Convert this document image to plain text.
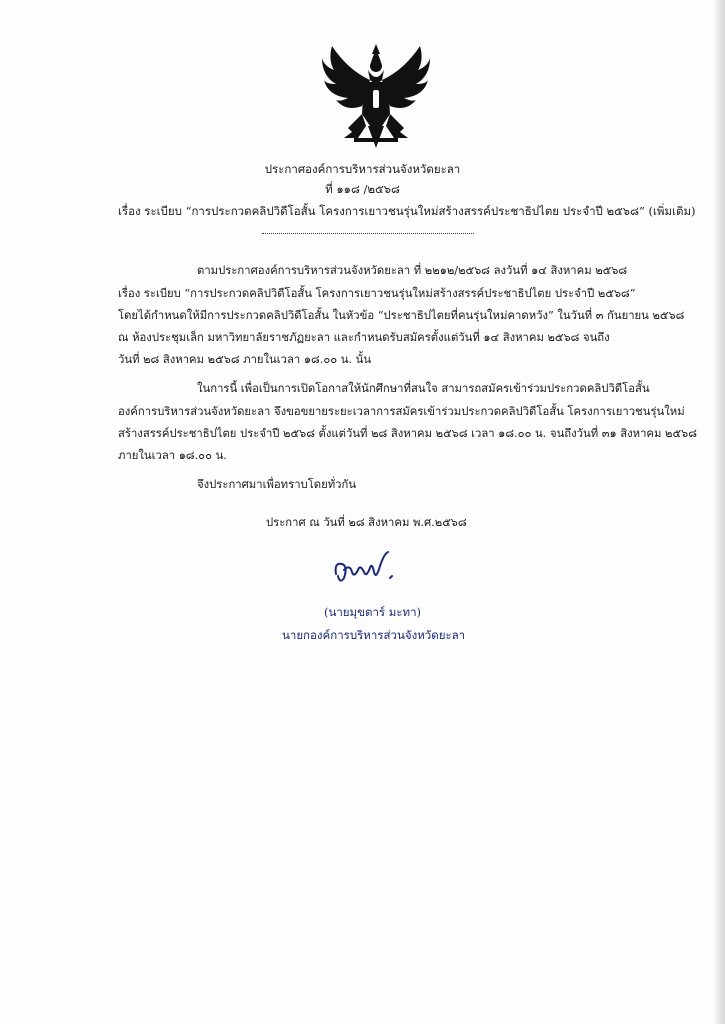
ประกาศองค์การบริหารส่วนจังหวัดยะลา
ที่ ๑๑๘ /๒๕๖๘
เรื่อง ระเบียบ “การประกวดคลิปวิดีโอสั้น โครงการเยาวชนรุ่นใหม่สร้างสรรค์ประชาธิปไตย ประจำปี ๒๕๖๘” (เพิ่มเติม)
ตามประกาศองค์การบริหารส่วนจังหวัดยะลา ที่ ๒๒๑๒/๒๕๖๘ ลงวันที่ ๑๔ สิงหาคม ๒๕๖๘
เรื่อง ระเบียบ “การประกวดคลิปวิดีโอสั้น โครงการเยาวชนรุ่นใหม่สร้างสรรค์ประชาธิปไตย ประจำปี ๒๕๖๘”
โดยได้กำหนดให้มีการประกวดคลิปวิดีโอสั้น ในหัวข้อ “ประชาธิปไตยที่คนรุ่นใหม่คาดหวัง” ในวันที่ ๓ กันยายน ๒๕๖๘
ณ ห้องประชุมเล็ก มหาวิทยาลัยราชภัฏยะลา และกำหนดรับสมัครตั้งแต่วันที่ ๑๔ สิงหาคม ๒๕๖๘ จนถึง
วันที่ ๒๘ สิงหาคม ๒๕๖๘ ภายในเวลา ๑๘.๐๐ น. นั้น
ในการนี้ เพื่อเป็นการเปิดโอกาสให้นักศึกษาที่สนใจ สามารถสมัครเข้าร่วมประกวดคลิปวิดีโอสั้น
องค์การบริหารส่วนจังหวัดยะลา จึงขอขยายระยะเวลาการสมัครเข้าร่วมประกวดคลิปวิดีโอสั้น โครงการเยาวชนรุ่นใหม่
สร้างสรรค์ประชาธิปไตย ประจำปี ๒๕๖๘ ตั้งแต่วันที่ ๒๘ สิงหาคม ๒๕๖๘ เวลา ๑๘.๐๐ น. จนถึงวันที่ ๓๑ สิงหาคม ๒๕๖๘
ภายในเวลา ๑๘.๐๐ น.
จึงประกาศมาเพื่อทราบโดยทั่วกัน
ประกาศ ณ วันที่ ๒๘ สิงหาคม พ.ศ.๒๕๖๘
(นายมุขตาร์ มะทา)
นายกองค์การบริหารส่วนจังหวัดยะลา
